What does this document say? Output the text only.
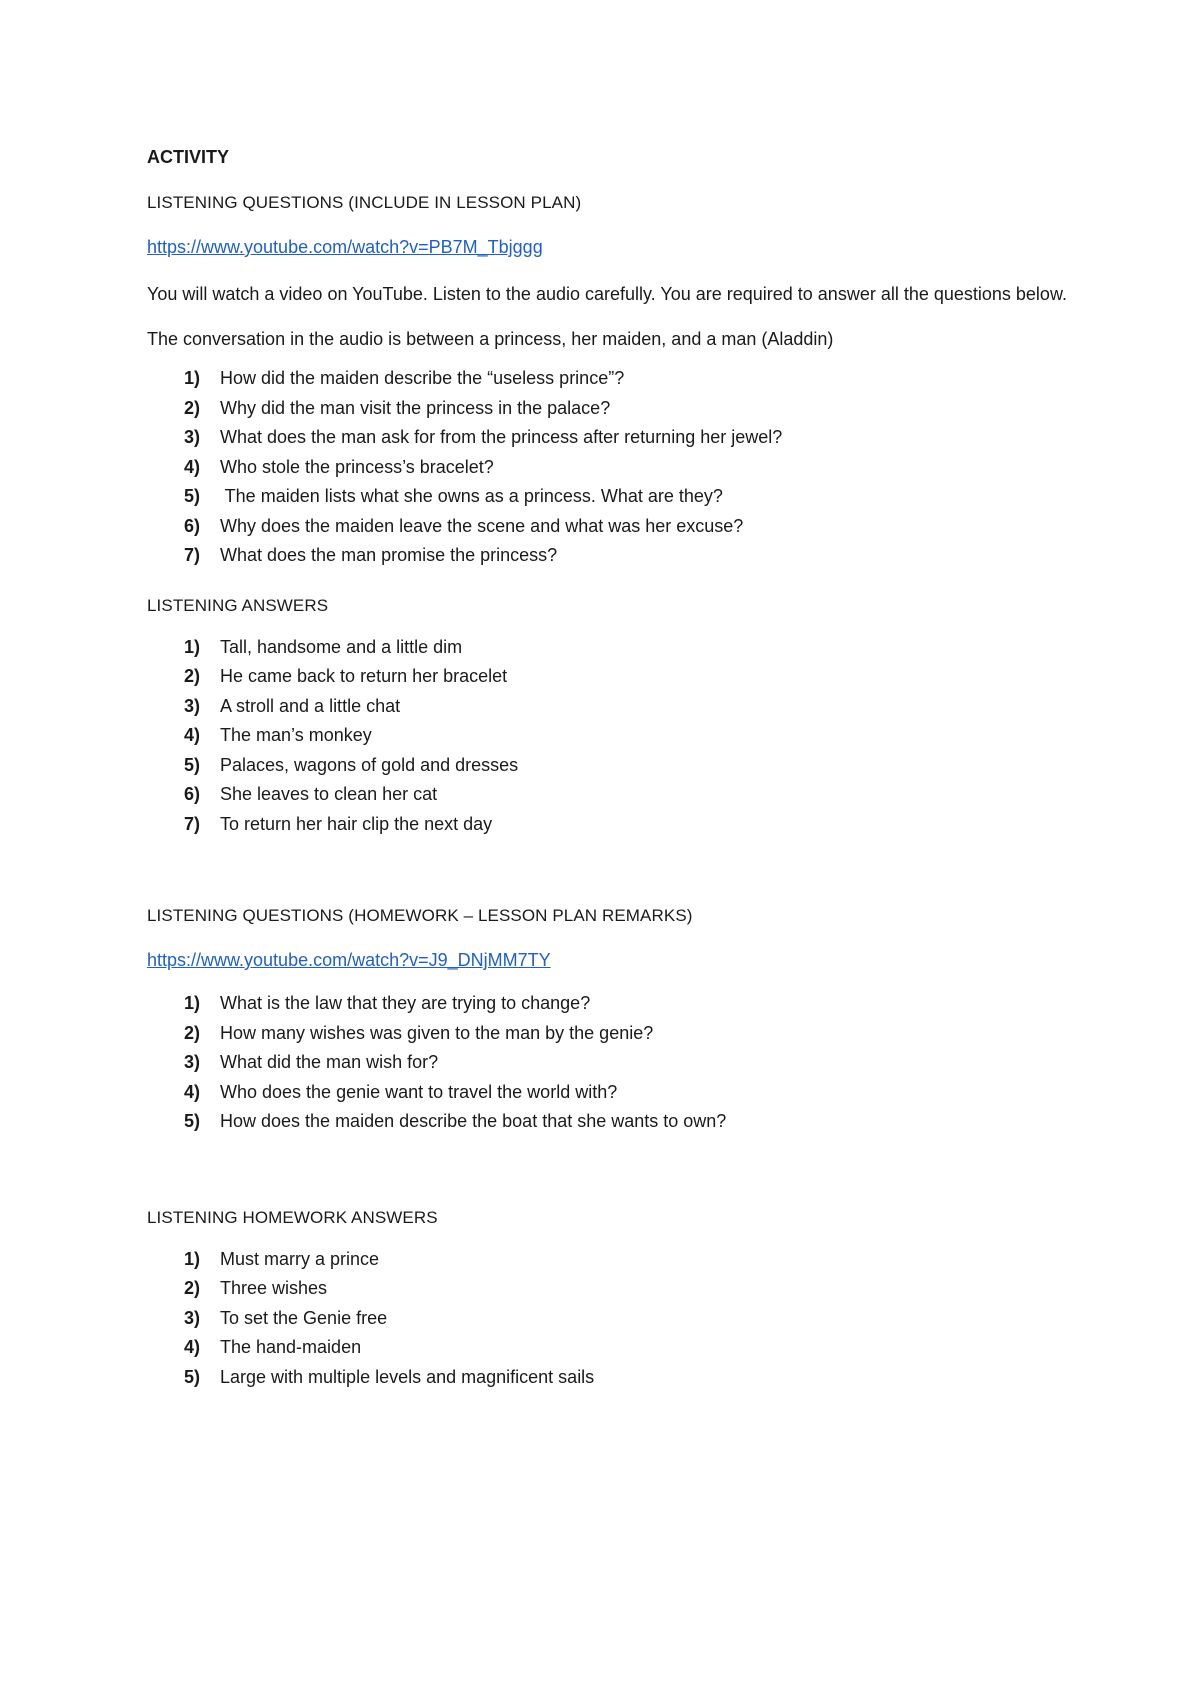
ACTIVITY
LISTENING QUESTIONS (INCLUDE IN LESSON PLAN)
https://www.youtube.com/watch?v=PB7M_Tbjggg

You will watch a video on YouTube. Listen to the audio carefully. You are required to answer all the questions below.

The conversation in the audio is between a princess, her maiden, and a man (Aladdin)

1)	How did the maiden describe the “useless prince”?
2)	Why did the man visit the princess in the palace?
3)	What does the man ask for from the princess after returning her jewel?
4)	Who stole the princess’s bracelet?
5)	The maiden lists what she owns as a princess. What are they?
6)	Why does the maiden leave the scene and what was her excuse?
7)	What does the man promise the princess?
LISTENING ANSWERS
1)	Tall, handsome and a little dim
2)	He came back to return her bracelet
3)	A stroll and a little chat
4)	The man’s monkey
5)	Palaces, wagons of gold and dresses
6)	She leaves to clean her cat
7)	To return her hair clip the next day
LISTENING QUESTIONS (HOMEWORK – LESSON PLAN REMARKS)
https://www.youtube.com/watch?v=J9_DNjMM7TY
1)	What is the law that they are trying to change?
2)	How many wishes was given to the man by the genie?
3)	What did the man wish for?
4)	Who does the genie want to travel the world with?
5)	How does the maiden describe the boat that she wants to own?
LISTENING HOMEWORK ANSWERS
1)	Must marry a prince
2)	Three wishes
3)	To set the Genie free
4)	The hand-maiden
5)	Large with multiple levels and magnificent sails
